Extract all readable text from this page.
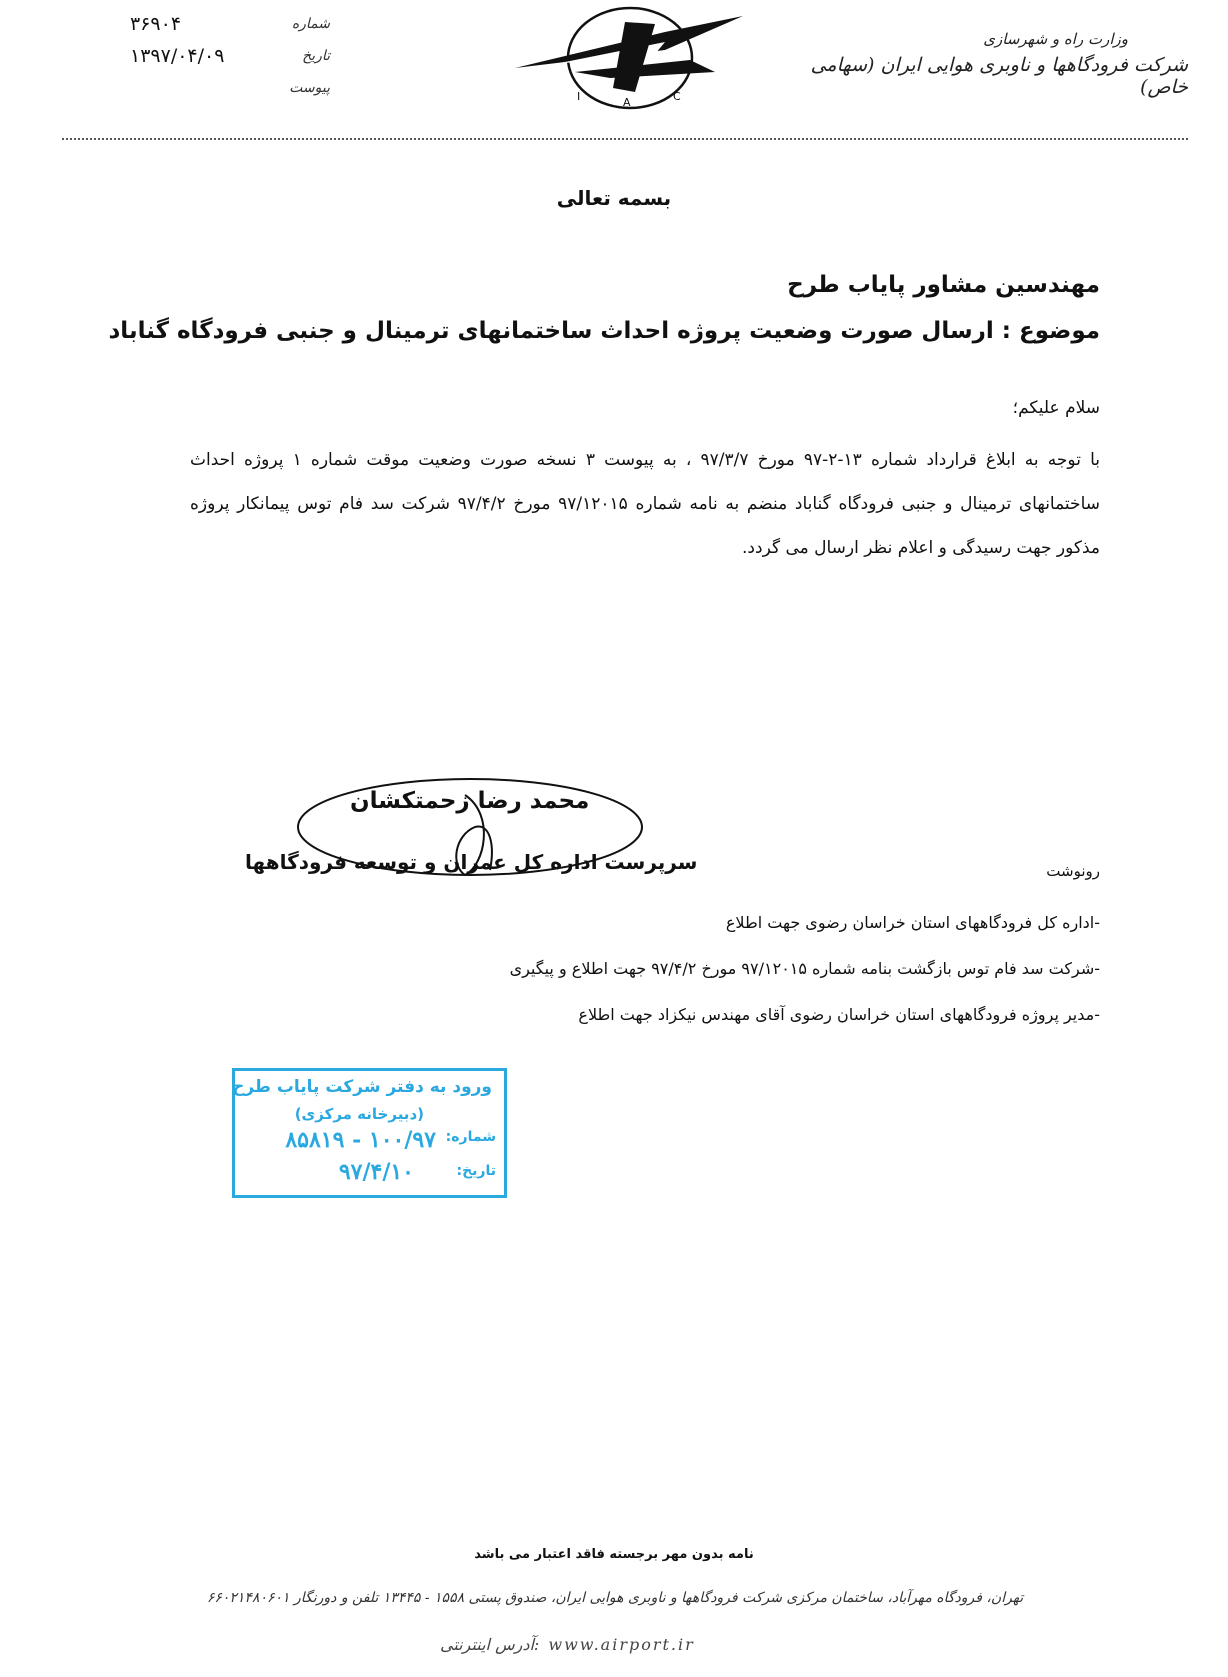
۳۶۹۰۴	شماره
۱۳۹۷/۰۴/۰۹	تاریخ
پیوست
I	A	C
وزارت راه و شهرسازی
شرکت فرودگاهها و ناوبری هوایی ایران (سهامی خاص)
بسمه تعالی
مهندسین مشاور پایاب طرح
موضوع : ارسال صورت وضعیت پروژه احداث ساختمانهای ترمینال و جنبی فرودگاه گناباد
سلام علیکم؛
با توجه به ابلاغ قرارداد شماره ۱۳-۲-۹۷ مورخ ۹۷/۳/۷ ، به پیوست ۳ نسخه صورت وضعیت موقت شماره ۱ پروژه احداث ساختمانهای ترمینال و جنبی فرودگاه گناباد منضم به نامه شماره ۹۷/۱۲۰۱۵ مورخ ۹۷/۴/۲ شرکت سد فام توس پیمانکار پروژه مذکور جهت رسیدگی و اعلام نظر ارسال می گردد.
محمد رضا زحمتکشان
سرپرست اداره کل عمران و توسعه فرودگاهها	رونوشت
-اداره کل فرودگاههای استان خراسان رضوی جهت اطلاع
-شرکت سد فام توس بازگشت بنامه شماره ۹۷/۱۲۰۱۵ مورخ ۹۷/۴/۲ جهت اطلاع و پیگیری
-مدیر پروژه فرودگاههای استان خراسان رضوی آقای مهندس نیکزاد جهت اطلاع
ورود به دفتر شرکت پایاب طرح
(دبیرخانه مرکزی)
شماره:
۱۰۰/۹۷ - ۸۵۸۱۹
تاریخ:
۹۷/۴/۱۰
نامه بدون مهر برجسته فاقد اعتبار می باشد
تهران، فرودگاه مهرآباد، ساختمان مرکزی شرکت فرودگاهها و ناوبری هوایی ایران، صندوق پستی ۱۵۵۸ - ۱۳۴۴۵ تلفن و دورنگار ۶۶۰۲۱۴۸۰۶۰۱
www.airport.ir :آدرس اینترنتی
